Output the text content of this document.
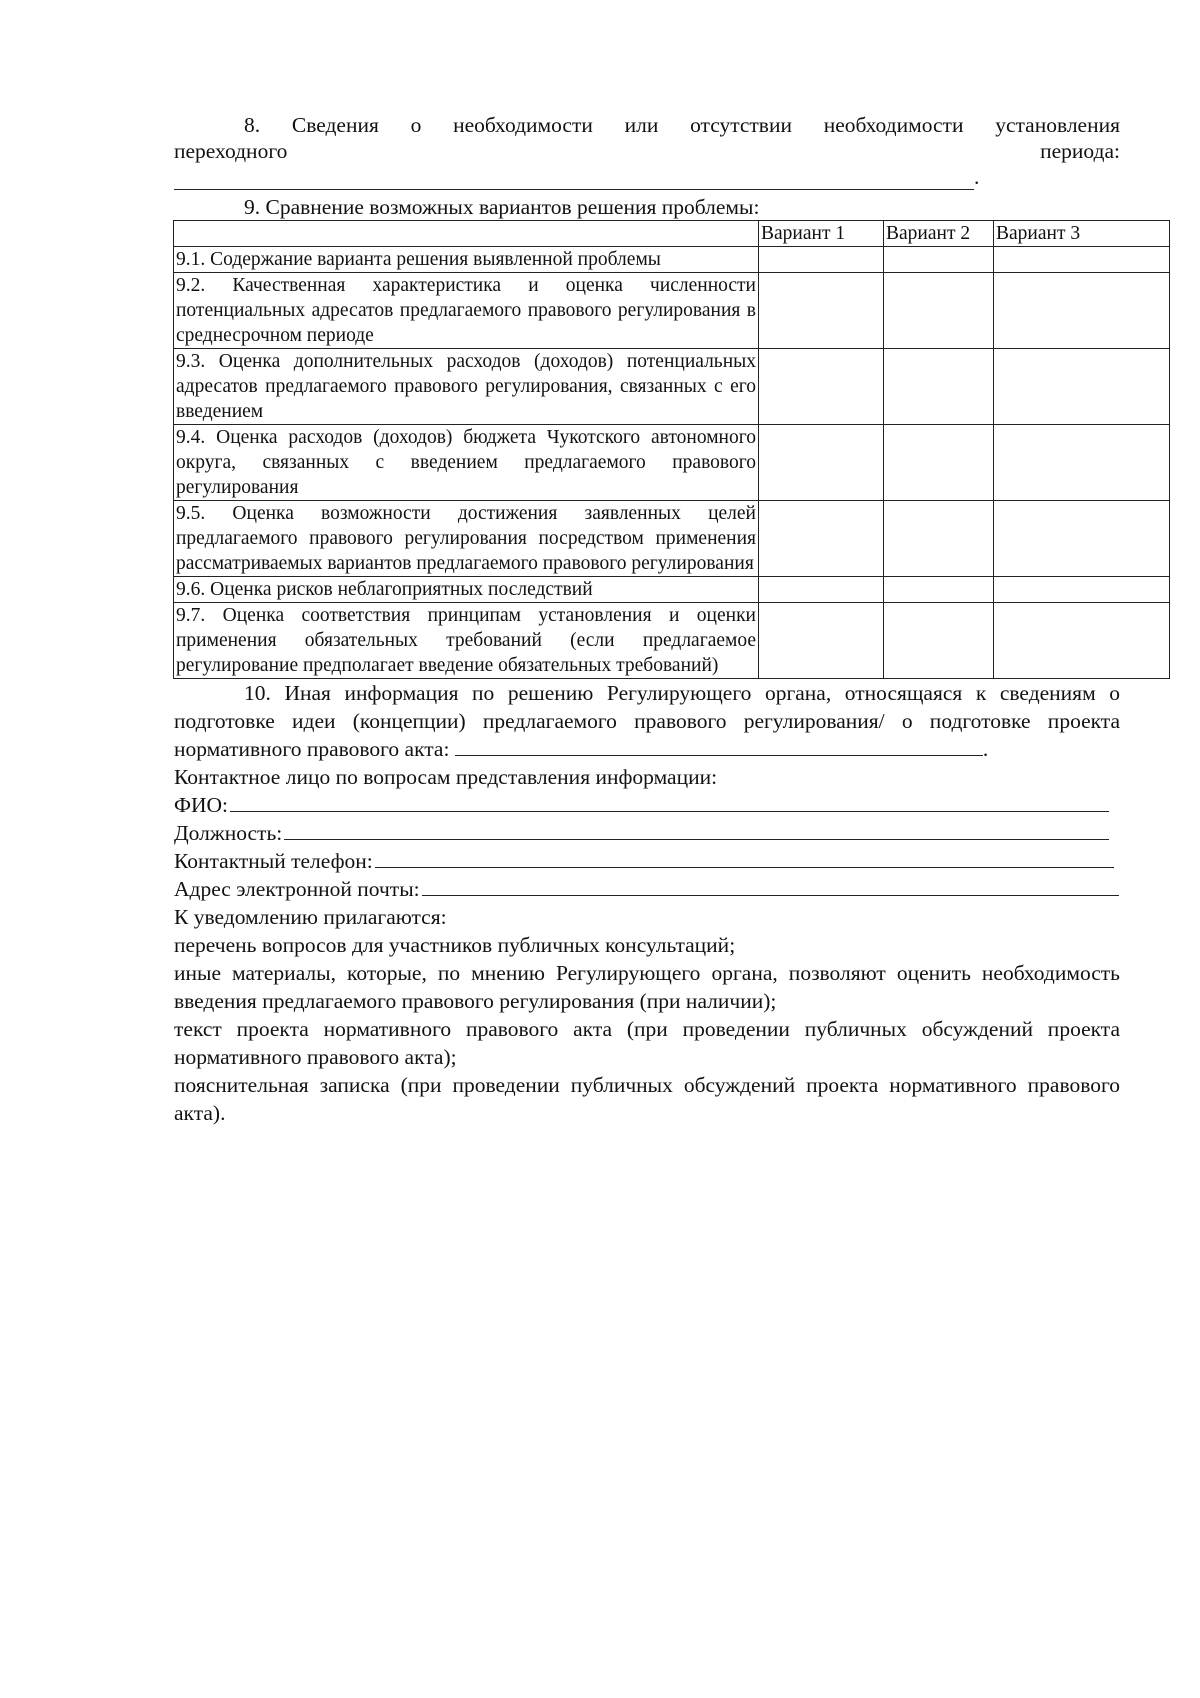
8. Сведения о необходимости или отсутствии необходимости установления

переходного	периода:
.

9. Сравнение возможных вариантов решения проблемы:

	Вариант 1	Вариант 2	Вариант 3
9.1. Содержание варианта решения выявленной проблемы			
9.2. Качественная характеристика и оценка численности потенциальных адресатов предлагаемого правового регулирования в среднесрочном периоде			
9.3. Оценка дополнительных расходов (доходов) потенциальных адресатов предлагаемого правового регулирования, связанных с его введением			
9.4. Оценка расходов (доходов) бюджета Чукотского автономного округа, связанных с введением предлагаемого правового регулирования			
9.5. Оценка возможности достижения заявленных целей предлагаемого правового регулирования посредством применения рассматриваемых вариантов предлагаемого правового регулирования			
9.6. Оценка рисков неблагоприятных последствий			
9.7. Оценка соответствия принципам установления и оценки применения обязательных требований (если предлагаемое регулирование предполагает введение обязательных требований)			

10. Иная информация по решению Регулирующего органа, относящаяся к сведениям о подготовке идеи (концепции) предлагаемого правового регулирования/ о подготовке проекта нормативного правового акта:	.

Контактное лицо по вопросам представления информации:

ФИО:
Должность:
Контактный телефон:
Адрес электронной почты:

К уведомлению прилагаются:

перечень вопросов для участников публичных консультаций;

иные материалы, которые, по мнению Регулирующего органа, позволяют оценить необходимость введения предлагаемого правового регулирования (при наличии);

текст проекта нормативного правового акта (при проведении публичных обсуждений проекта нормативного правового акта);

пояснительная записка (при проведении публичных обсуждений проекта нормативного правового акта).
